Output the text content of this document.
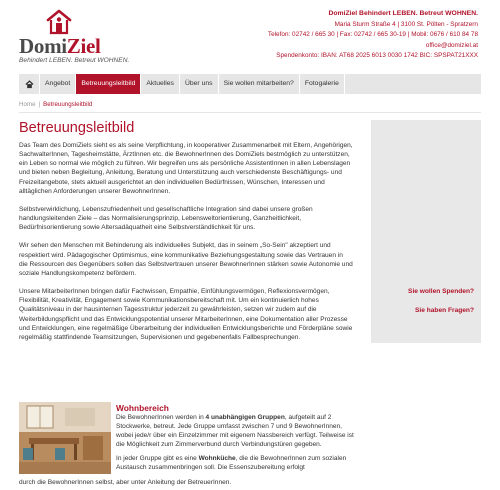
DomiZiel
Behindert LEBEN. Betreut WOHNEN.
DomiZiel Behindert LEBEN. Betreut WOHNEN.
Maria Sturm Straße 4 | 3100 St. Pölten - Spratzern
Telefon: 02742 / 665 30 | Fax: 02742 / 665 30-19 | Mobil: 0676 / 610 84 78
office@domiziel.at
Spendenkonto: IBAN: AT68 2025 6013 0030 1742 BIC: SPSPAT21XXX
Angebot	Betreuungsleitbild	Aktuelles	Über uns	Sie wollen mitarbeiten?	Fotogalerie
Home | Betreuungsleitbild
Betreuungsleitbild

Das Team des DomiZiels sieht es als seine Verpflichtung, in kooperativer Zusammenarbeit mit Eltern, Angehörigen, SachwalterInnen, Tagesheimstätte, ÄrztInnen etc. die BewohnerInnen des DomiZiels bestmöglich zu unterstützen, ein Leben so normal wie möglich zu führen. Wir begreifen uns als persönliche AssistentInnen in allen Lebenslagen und bieten neben Begleitung, Anleitung, Beratung und Unterstützung auch verschiedenste Beschäftigungs- und Freizeitangebote, stets aktuell ausgerichtet an den individuellen Bedürfnissen, Wünschen, Interessen und alltäglichen Anforderungen unserer BewohnerInnen.

Selbstverwirklichung, Lebenszufriedenheit und gesellschaftliche Integration sind dabei unsere großen handlungsleitenden Ziele – das Normalisierungsprinzip, Lebensweltorientierung, Ganzheitlichkeit, Bedürfnisorientierung sowie Altersadäquatheit eine Selbstverständlichkeit für uns.

Wir sehen den Menschen mit Behinderung als individuelles Subjekt, das in seinem „So-Sein" akzeptiert und respektiert wird. Pädagogischer Optimismus, eine kommunikative Beziehungsgestaltung sowie das Vertrauen in die Ressourcen des Gegenübers sollen das Selbstvertrauen unserer BewohnerInnen stärken sowie Autonomie und soziale Handlungskompetenz befördern.

Unsere MitarbeiterInnen bringen dafür Fachwissen, Empathie, Einfühlungsvermögen, Reflexionsvermögen, Flexibilität, Kreativität, Engagement sowie Kommunikationsbereitschaft mit. Um ein kontinuierlich hohes Qualitätsniveau in der hausinternen Tagesstruktur jederzeit zu gewährleisten, setzen wir zudem auf die Weiterbildungspflicht und das Entwicklungspotential unserer MitarbeiterInnen, eine Dokumentation aller Prozesse und Entwicklungen, eine regelmäßige Überarbeitung der individuellen Entwicklungsberichte und Förderpläne sowie regelmäßig stattfindende Teamsitzungen, Supervisionen und gegebenenfalls Fallbesprechungen.

Sie wollen Spenden?
Sie haben Fragen?
Wohnbereich

Die BewohnerInnen werden in 4 unabhängigen Gruppen, aufgeteilt auf 2 Stockwerke, betreut. Jede Gruppe umfasst zwischen 7 und 9 BewohnerInnen, wobei jede/r über ein Einzelzimmer mit eigenem Nassbereich verfügt. Teilweise ist die Möglichkeit zum Zimmerverbund durch Verbindungstüren gegeben.

In jeder Gruppe gibt es eine Wohnküche, die die BewohnerInnen zum sozialen Austausch zusammenbringen soll. Die Essenszubereitung erfolgt

durch die BewohnerInnen selbst, aber unter Anleitung der BetreuerInnen.
